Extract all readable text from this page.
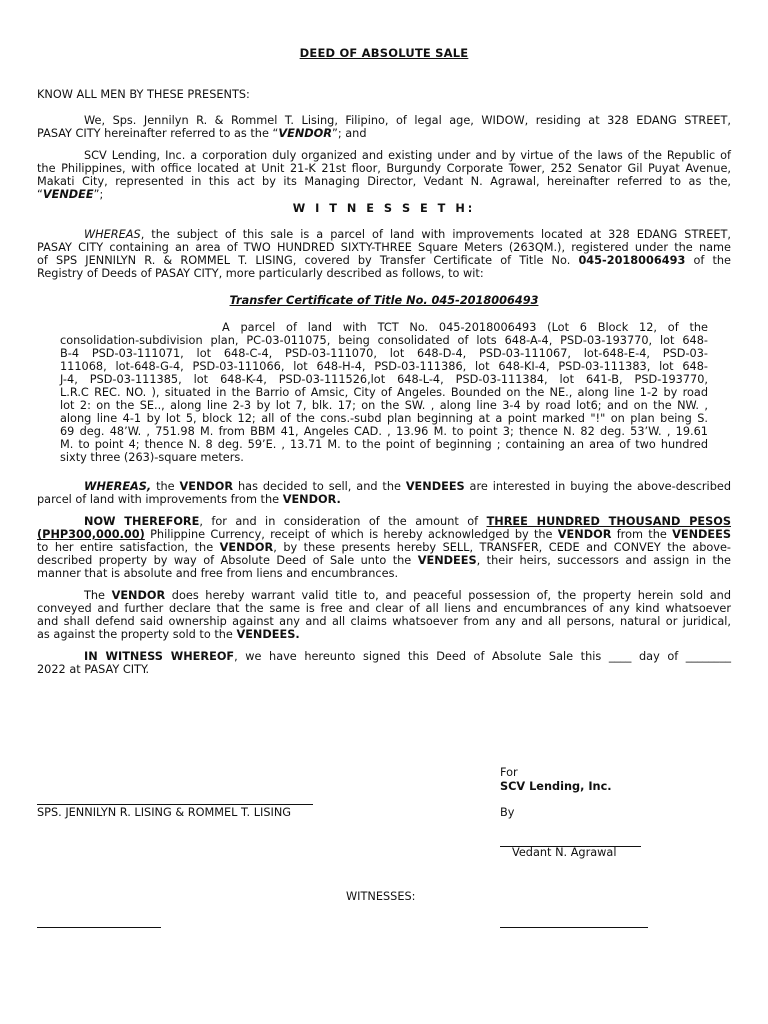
DEED OF ABSOLUTE SALE
KNOW ALL MEN BY THESE PRESENTS:
We, Sps. Jennilyn R. & Rommel T. Lising, Filipino, of legal age, WIDOW, residing at 328 EDANG STREET,
PASAY CITY hereinafter referred to as the “VENDOR”; and
SCV Lending, Inc. a corporation duly organized and existing under and by virtue of the laws of the Republic of
the Philippines, with office located at Unit 21-K 21st floor, Burgundy Corporate Tower, 252 Senator Gil Puyat Avenue,
Makati City, represented in this act by its Managing Director, Vedant N. Agrawal, hereinafter referred to as the,
“VENDEE”;
W I T N E S S E T H:
WHEREAS, the subject of this sale is a parcel of land with improvements located at 328 EDANG STREET,
PASAY CITY containing an area of TWO HUNDRED SIXTY-THREE Square Meters (263QM.), registered under the name
of SPS JENNILYN R. & ROMMEL T. LISING, covered by Transfer Certificate of Title No. 045-2018006493 of the
Registry of Deeds of PASAY CITY, more particularly described as follows, to wit:
Transfer Certificate of Title No. 045-2018006493
A parcel of land with TCT No. 045-2018006493 (Lot 6 Block 12, of the
consolidation-subdivision plan, PC-03-011075, being consolidated of lots 648-A-4, PSD-03-193770, lot 648-
B-4 PSD-03-111071, lot 648-C-4, PSD-03-111070, lot 648-D-4, PSD-03-111067, lot-648-E-4, PSD-03-
111068, lot-648-G-4, PSD-03-111066, lot 648-H-4, PSD-03-111386, lot 648-KI-4, PSD-03-111383, lot 648-
J-4, PSD-03-111385, lot 648-K-4, PSD-03-111526,lot 648-L-4, PSD-03-111384, lot 641-B, PSD-193770,
L.R.C REC. NO. ), situated in the Barrio of Amsic, City of Angeles. Bounded on the NE., along line 1-2 by road
lot 2: on the SE.., along line 2-3 by lot 7, blk. 17; on the SW. , along line 3-4 by road lot6; and on the NW. ,
along line 4-1 by lot 5, block 12; all of the cons.-subd plan beginning at a point marked "!" on plan being S.
69 deg. 48’W. , 751.98 M. from BBM 41, Angeles CAD. , 13.96 M. to point 3; thence N. 82 deg. 53’W. , 19.61
M. to point 4; thence N. 8 deg. 59’E. , 13.71 M. to the point of beginning ; containing an area of two hundred
sixty three (263)-square meters.
WHEREAS, the VENDOR has decided to sell, and the VENDEES are interested in buying the above-described
parcel of land with improvements from the VENDOR.
NOW THEREFORE, for and in consideration of the amount of THREE HUNDRED THOUSAND PESOS
(PHP300,000.00) Philippine Currency, receipt of which is hereby acknowledged by the VENDOR from the VENDEES
to her entire satisfaction, the VENDOR, by these presents hereby SELL, TRANSFER, CEDE and CONVEY the above-
described property by way of Absolute Deed of Sale unto the VENDEES, their heirs, successors and assign in the
manner that is absolute and free from liens and encumbrances.
The VENDOR does hereby warrant valid title to, and peaceful possession of, the property herein sold and
conveyed and further declare that the same is free and clear of all liens and encumbrances of any kind whatsoever
and shall defend said ownership against any and all claims whatsoever from any and all persons, natural or juridical,
as against the property sold to the VENDEES.
IN WITNESS WHEREOF, we have hereunto signed this Deed of Absolute Sale this ____ day of ________
2022 at PASAY CITY.
For
SCV Lending, Inc.
SPS. JENNILYN R. LISING & ROMMEL T. LISING	By
Vedant N. Agrawal
WITNESSES:
